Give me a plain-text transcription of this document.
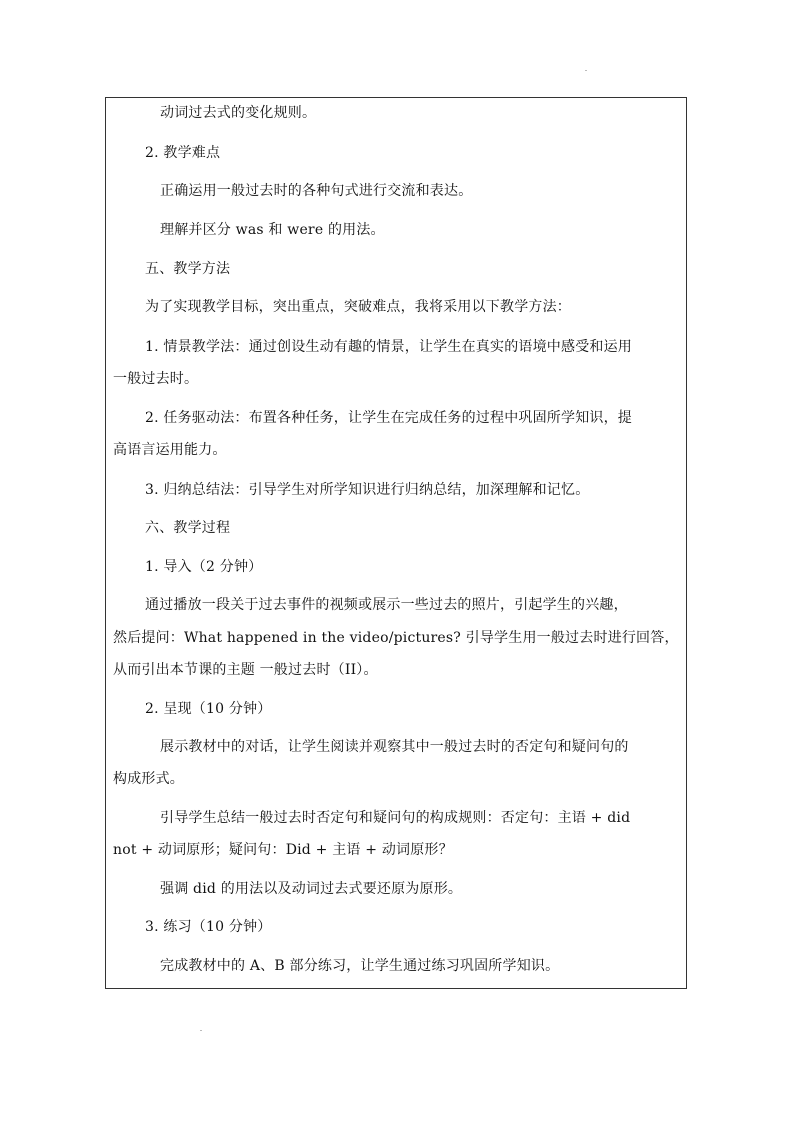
动词过去式的变化规则。
2. 教学难点
正确运用一般过去时的各种句式进行交流和表达。
理解并区分 was 和 were 的用法。
五、教学方法
为了实现教学目标，突出重点，突破难点，我将采用以下教学方法：
1. 情景教学法：通过创设生动有趣的情景，让学生在真实的语境中感受和运用
一般过去时。
2. 任务驱动法：布置各种任务，让学生在完成任务的过程中巩固所学知识，提
高语言运用能力。
3. 归纳总结法：引导学生对所学知识进行归纳总结，加深理解和记忆。
六、教学过程
1. 导入（2 分钟）
通过播放一段关于过去事件的视频或展示一些过去的照片，引起学生的兴趣，
然后提问：What happened in the video/pictures? 引导学生用一般过去时进行回答，
从而引出本节课的主题 一般过去时（II）。
2. 呈现（10 分钟）
展示教材中的对话，让学生阅读并观察其中一般过去时的否定句和疑问句的
构成形式。
引导学生总结一般过去时否定句和疑问句的构成规则：否定句：主语 + did
not + 动词原形；疑问句：Did + 主语 + 动词原形？
强调 did 的用法以及动词过去式要还原为原形。
3. 练习（10 分钟）
完成教材中的 A、B 部分练习，让学生通过练习巩固所学知识。
